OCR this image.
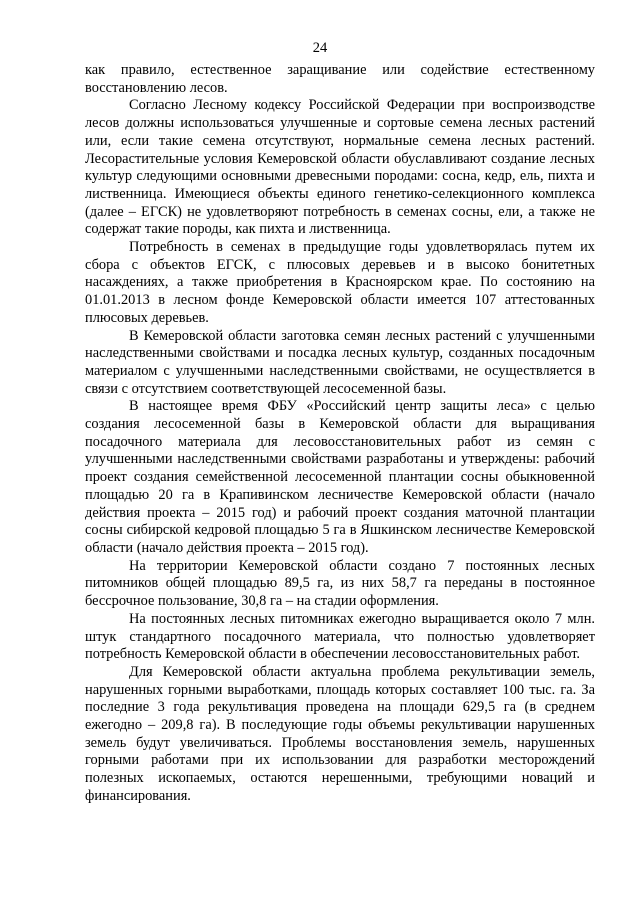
24

как правило, естественное заращивание или содействие естественному восстановлению лесов.

Согласно Лесному кодексу Российской Федерации при воспроизводстве лесов должны использоваться улучшенные и сортовые семена лесных растений или, если такие семена отсутствуют, нормальные семена лесных растений. Лесорастительные условия Кемеровской области обуславливают создание лесных культур следующими основными древесными породами: сосна, кедр, ель, пихта и лиственница. Имеющиеся объекты единого генетико-селекционного комплекса (далее – ЕГСК) не удовлетворяют потребность в семенах сосны, ели, а также не содержат такие породы, как пихта и лиственница.

Потребность в семенах в предыдущие годы удовлетворялась путем их сбора с объектов ЕГСК, с плюсовых деревьев и в высоко бонитетных насаждениях, а также приобретения в Красноярском крае. По состоянию на 01.01.2013 в лесном фонде Кемеровской области имеется 107 аттестованных плюсовых деревьев.

В Кемеровской области заготовка семян лесных растений с улучшенными наследственными свойствами и посадка лесных культур, созданных посадочным материалом с улучшенными наследственными свойствами, не осуществляется в связи с отсутствием соответствующей лесосеменной базы.

В настоящее время ФБУ «Российский центр защиты леса» с целью создания лесосеменной базы в Кемеровской области для выращивания посадочного материала для лесовосстановительных работ из семян с улучшенными наследственными свойствами разработаны и утверждены: рабочий проект создания семейственной лесосеменной плантации сосны обыкновенной площадью 20 га в Крапивинском лесничестве Кемеровской области (начало действия проекта – 2015 год) и рабочий проект создания маточной плантации сосны сибирской кедровой площадью 5 га в Яшкинском лесничестве Кемеровской области (начало действия проекта – 2015 год).

На территории Кемеровской области создано 7 постоянных лесных питомников общей площадью 89,5 га, из них 58,7 га переданы в постоянное бессрочное пользование, 30,8 га – на стадии оформления.

На постоянных лесных питомниках ежегодно выращивается около 7 млн. штук стандартного посадочного материала, что полностью удовлетворяет потребность Кемеровской области в обеспечении лесовосстановительных работ.

Для Кемеровской области актуальна проблема рекультивации земель, нарушенных горными выработками, площадь которых составляет 100 тыс. га. За последние 3 года рекультивация проведена на площади 629,5 га (в среднем ежегодно – 209,8 га). В последующие годы объемы рекультивации нарушенных земель будут увеличиваться. Проблемы восстановления земель, нарушенных горными работами при их использовании для разработки месторождений полезных ископаемых, остаются нерешенными, требующими новаций и финансирования.
